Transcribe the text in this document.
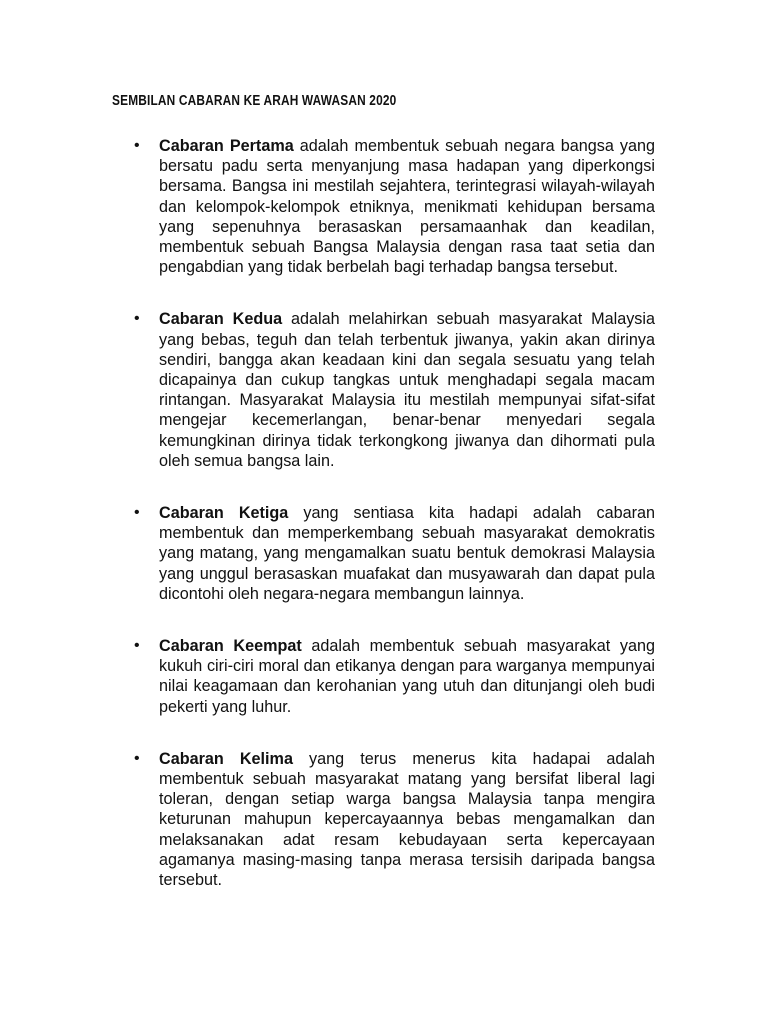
SEMBILAN CABARAN KE ARAH WAWASAN 2020
• Cabaran Pertama adalah membentuk sebuah negara bangsa yang bersatu padu serta menyanjung masa hadapan yang diperkongsi bersama. Bangsa ini mestilah sejahtera, terintegrasi wilayah-wilayah dan kelompok-kelompok etniknya, menikmati kehidupan bersama yang sepenuhnya berasaskan persamaanhak dan keadilan, membentuk sebuah Bangsa Malaysia dengan rasa taat setia dan pengabdian yang tidak berbelah bagi terhadap bangsa tersebut.
• Cabaran Kedua adalah melahirkan sebuah masyarakat Malaysia yang bebas, teguh dan telah terbentuk jiwanya, yakin akan dirinya sendiri, bangga akan keadaan kini dan segala sesuatu yang telah dicapainya dan cukup tangkas untuk menghadapi segala macam rintangan. Masyarakat Malaysia itu mestilah mempunyai sifat-sifat mengejar kecemerlangan, benar-benar menyedari segala kemungkinan dirinya tidak terkongkong jiwanya dan dihormati pula oleh semua bangsa lain.
• Cabaran Ketiga yang sentiasa kita hadapi adalah cabaran membentuk dan memperkembang sebuah masyarakat demokratis yang matang, yang mengamalkan suatu bentuk demokrasi Malaysia yang unggul berasaskan muafakat dan musyawarah dan dapat pula dicontohi oleh negara-negara membangun lainnya.
• Cabaran Keempat adalah membentuk sebuah masyarakat yang kukuh ciri-ciri moral dan etikanya dengan para warganya mempunyai nilai keagamaan dan kerohanian yang utuh dan ditunjangi oleh budi pekerti yang luhur.
• Cabaran Kelima yang terus menerus kita hadapai adalah membentuk sebuah masyarakat matang yang bersifat liberal lagi toleran, dengan setiap warga bangsa Malaysia tanpa mengira keturunan mahupun kepercayaannya bebas mengamalkan dan melaksanakan adat resam kebudayaan serta kepercayaan agamanya masing-masing tanpa merasa tersisih daripada bangsa tersebut.
